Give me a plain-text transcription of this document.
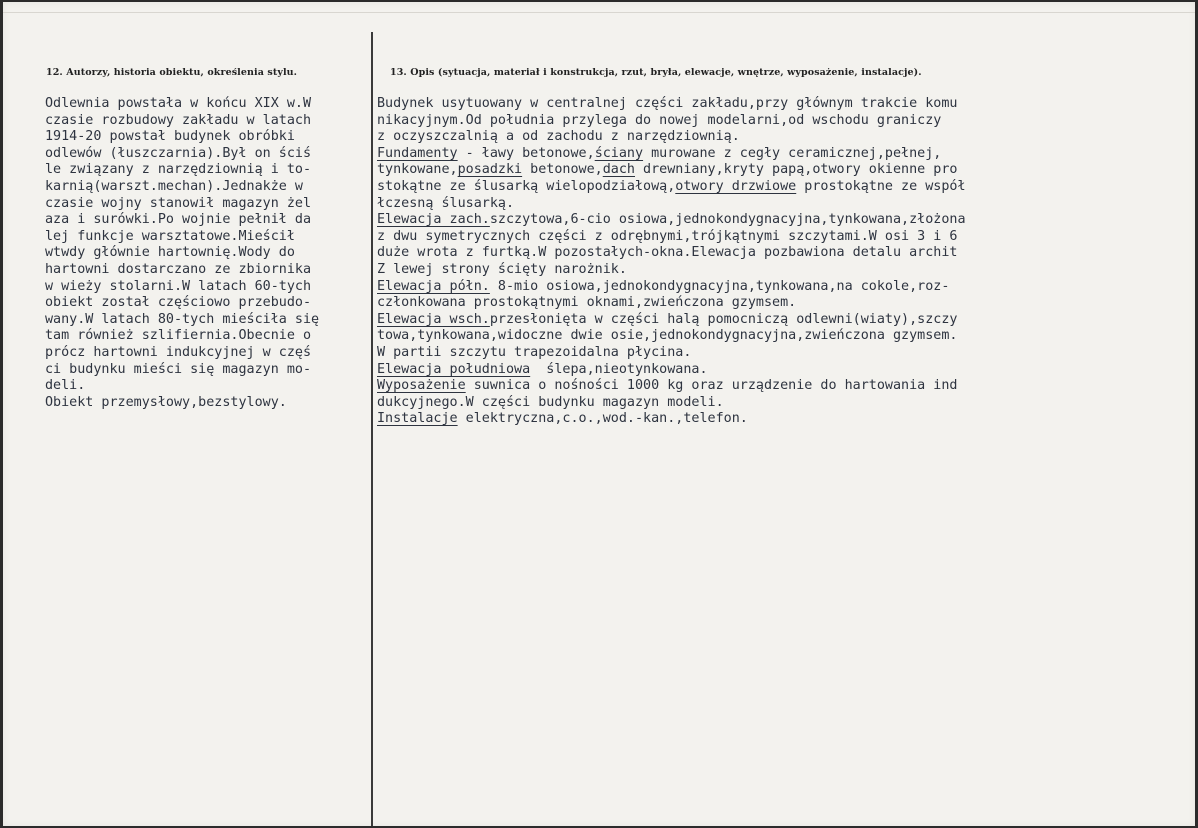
12. Autorzy, historia obiektu, określenia stylu.	13. Opis (sytuacja, materiał i konstrukcja, rzut, bryła, elewacje, wnętrze, wyposażenie, instalacje).
Odlewnia powstała w końcu XIX w.W
czasie rozbudowy zakładu w latach
1914-20 powstał budynek obróbki
odlewów (łuszczarnia).Był on ściś
le związany z narzędziownią i to-
karnią(warszt.mechan).Jednakże w
czasie wojny stanowił magazyn żel
aza i surówki.Po wojnie pełnił da
lej funkcje warsztatowe.Mieścił
wtwdy głównie hartownię.Wody do
hartowni dostarczano ze zbiornika
w wieży stolarni.W latach 60-tych
obiekt został częściowo przebudo-
wany.W latach 80-tych mieściła się
tam również szlifiernia.Obecnie o
prócz hartowni indukcyjnej w częś
ci budynku mieści się magazyn mo-
deli.
Obiekt przemysłowy,bezstylowy.
Budynek usytuowany w centralnej części zakładu,przy głównym trakcie komu
nikacyjnym.Od południa przylega do nowej modelarni,od wschodu graniczy
z oczyszczalnią a od zachodu z narzędziownią.
Fundamenty - ławy betonowe,ściany murowane z cegły ceramicznej,pełnej,
tynkowane,posadzki betonowe,dach drewniany,kryty papą,otwory okienne pro
stokątne ze ślusarką wielopodziałową,otwory drzwiowe prostokątne ze współ
łczesną ślusarką.
Elewacja zach.szczytowa,6-cio osiowa,jednokondygnacyjna,tynkowana,złożona
z dwu symetrycznych części z odrębnymi,trójkątnymi szczytami.W osi 3 i 6
duże wrota z furtką.W pozostałych-okna.Elewacja pozbawiona detalu archit
Z lewej strony ścięty narożnik.
Elewacja półn. 8-mio osiowa,jednokondygnacyjna,tynkowana,na cokole,roz-
członkowana prostokątnymi oknami,zwieńczona gzymsem.
Elewacja wsch.przesłonięta w części halą pomocniczą odlewni(wiaty),szczy
towa,tynkowana,widoczne dwie osie,jednokondygnacyjna,zwieńczona gzymsem.
W partii szczytu trapezoidalna płycina.
Elewacja południowa  ślepa,nieotynkowana.
Wyposażenie suwnica o nośności 1000 kg oraz urządzenie do hartowania ind
dukcyjnego.W części budynku magazyn modeli.
Instalacje elektryczna,c.o.,wod.-kan.,telefon.
